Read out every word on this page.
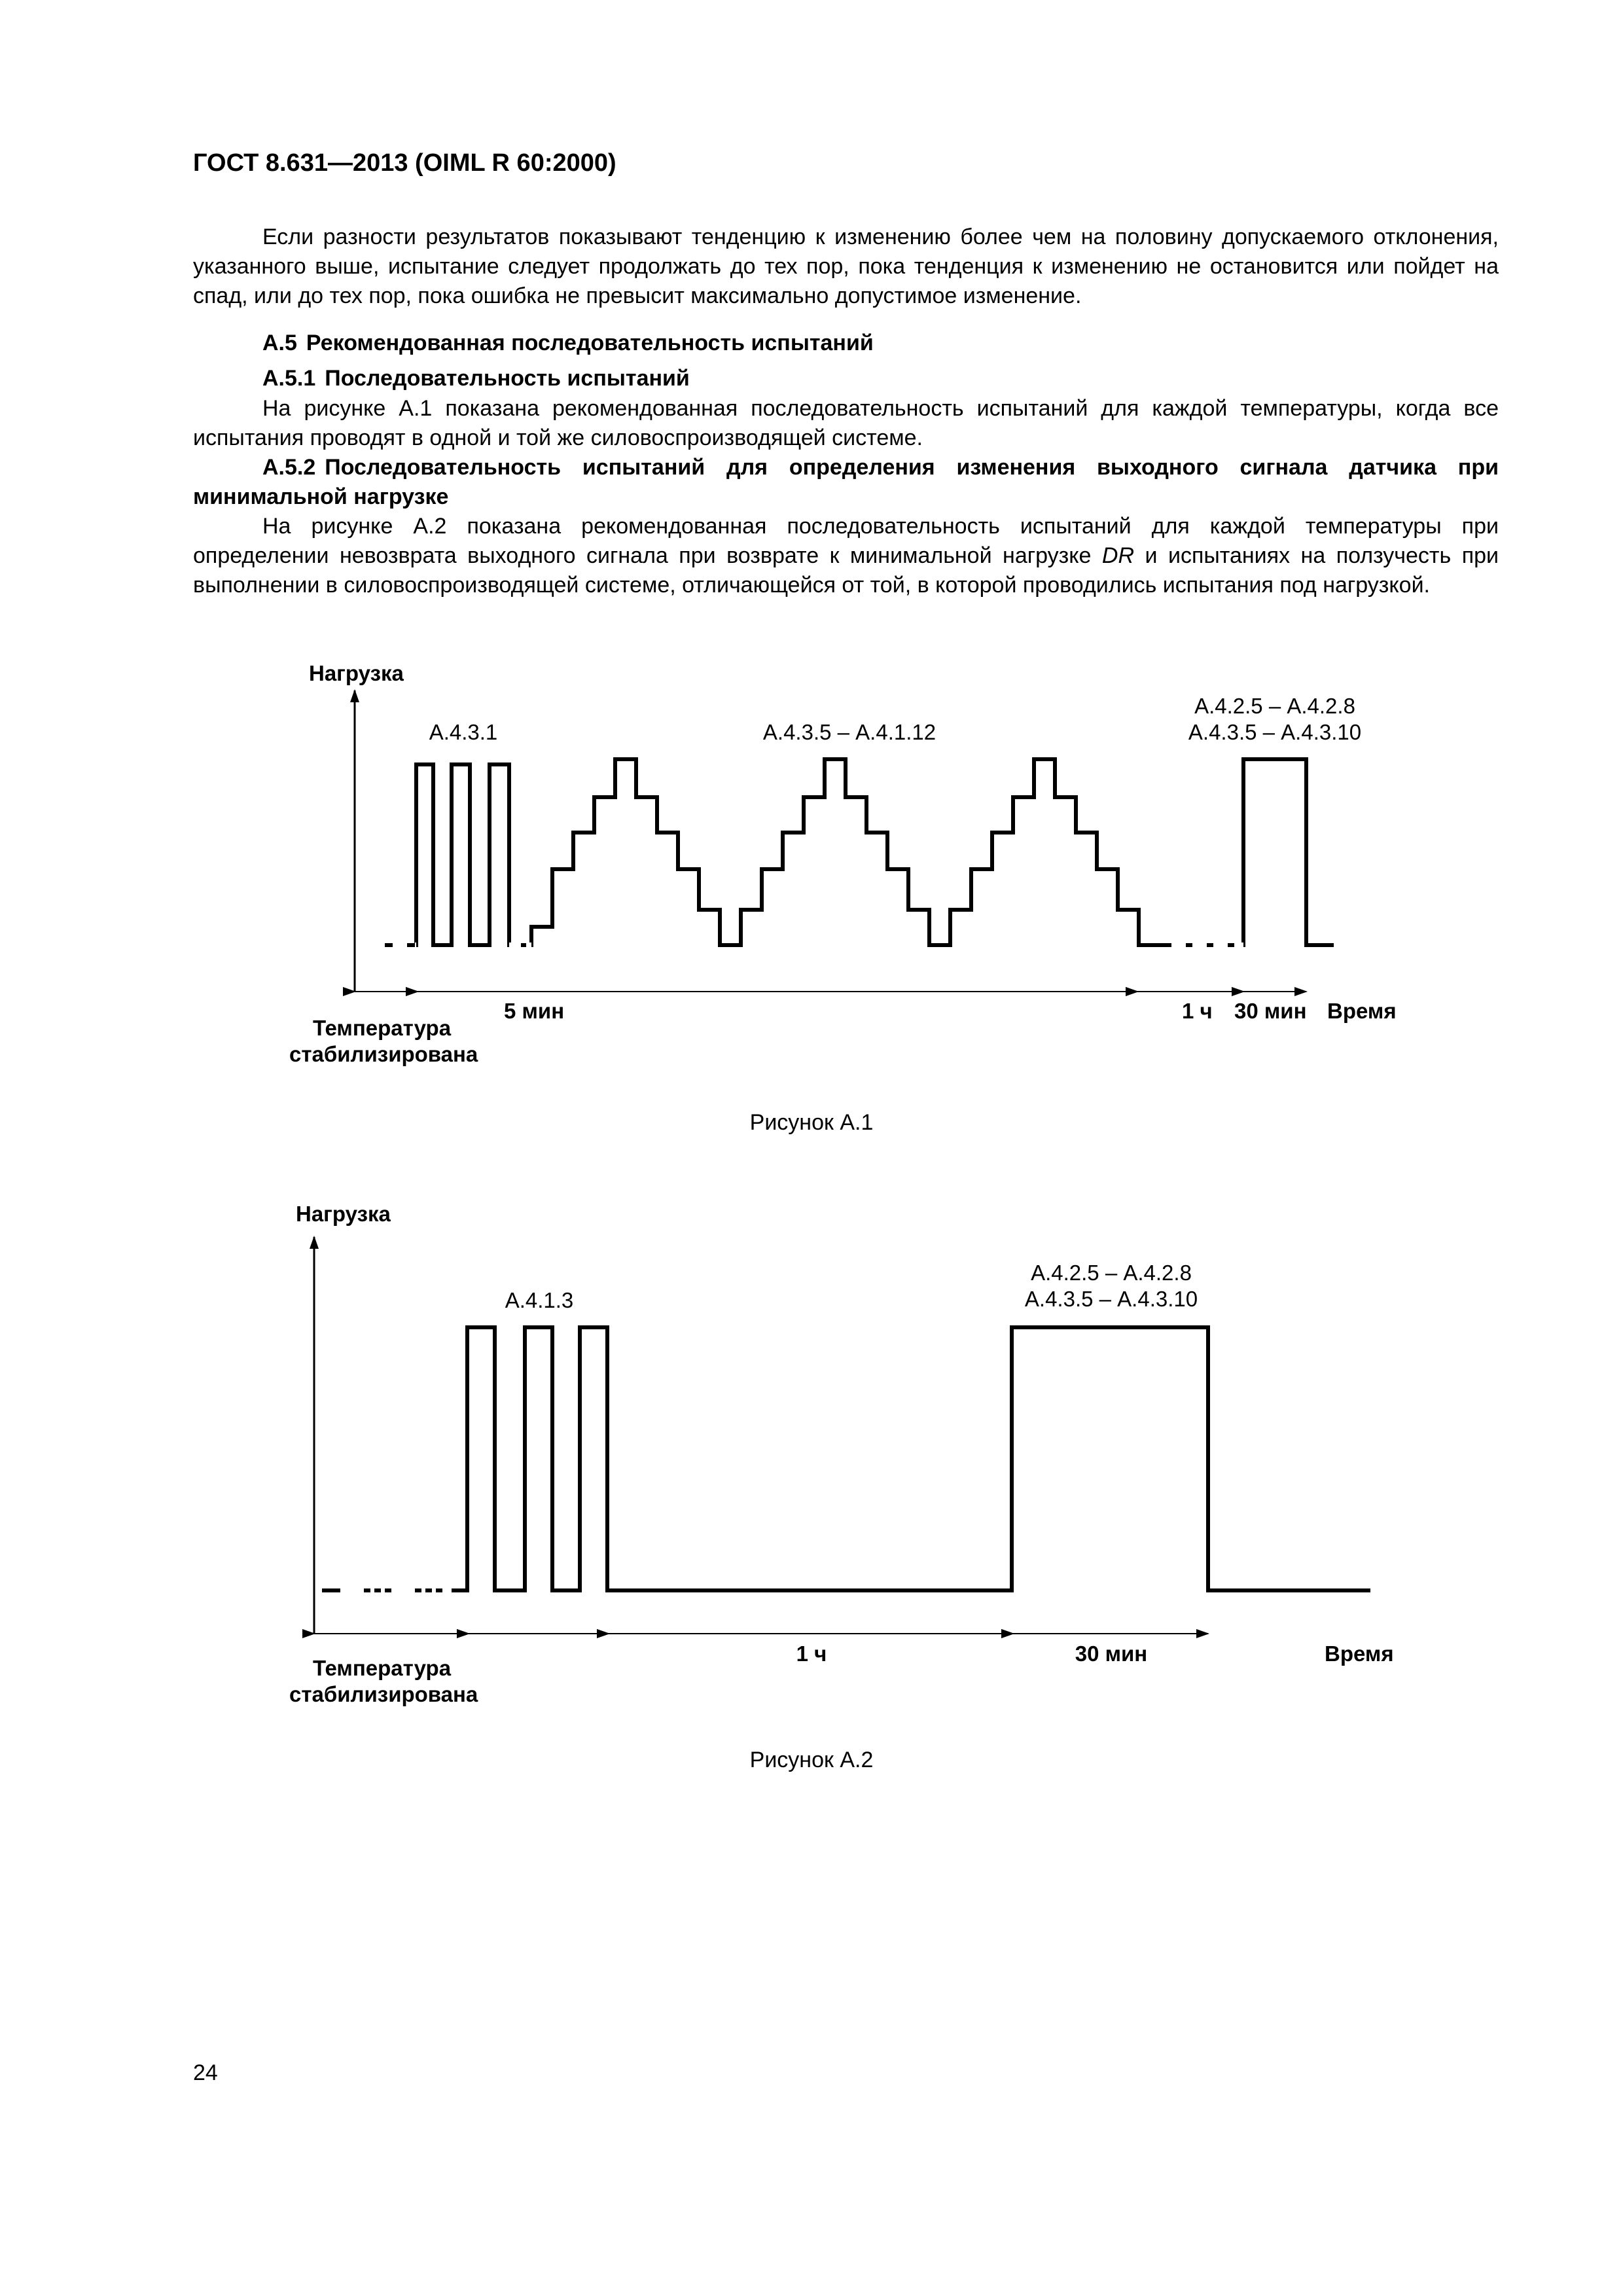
ГОСТ 8.631—2013 (OIML R 60:2000)

Если разности результатов показывают тенденцию к изменению более чем на половину допускаемого отклонения, указанного выше, испытание следует продолжать до тех пор, пока тенденция к изменению не остановится или пойдет на спад, или до тех пор, пока ошибка не превысит максимально допустимое изменение.

А.5 Рекомендованная последовательность испытаний

А.5.1 Последовательность испытаний

На рисунке А.1 показана рекомендованная последовательность испытаний для каждой температуры, когда все испытания проводят в одной и той же силовоспроизводящей системе.

А.5.2 Последовательность испытаний для определения изменения выходного сигнала датчика при минимальной нагрузке

На рисунке А.2 показана рекомендованная последовательность испытаний для каждой температуры при определении невозврата выходного сигнала при возврате к минимальной нагрузке DR и испытаниях на ползучесть при выполнении в силовоспроизводящей системе, отличающейся от той, в которой проводились испытания под нагрузкой.

Нагрузка
А.4.3.1	А.4.3.5 – А.4.1.12
А.4.2.5 – А.4.2.8
А.4.3.5 – А.4.3.10
5 мин	1 ч 30 мин Время
Температура
стабилизирована

Рисунок А.1

Нагрузка
А.4.1.3
А.4.2.5 – А.4.2.8
А.4.3.5 – А.4.3.10
1 ч	30 мин	Время
Температура
стабилизирована

Рисунок А.2

24
